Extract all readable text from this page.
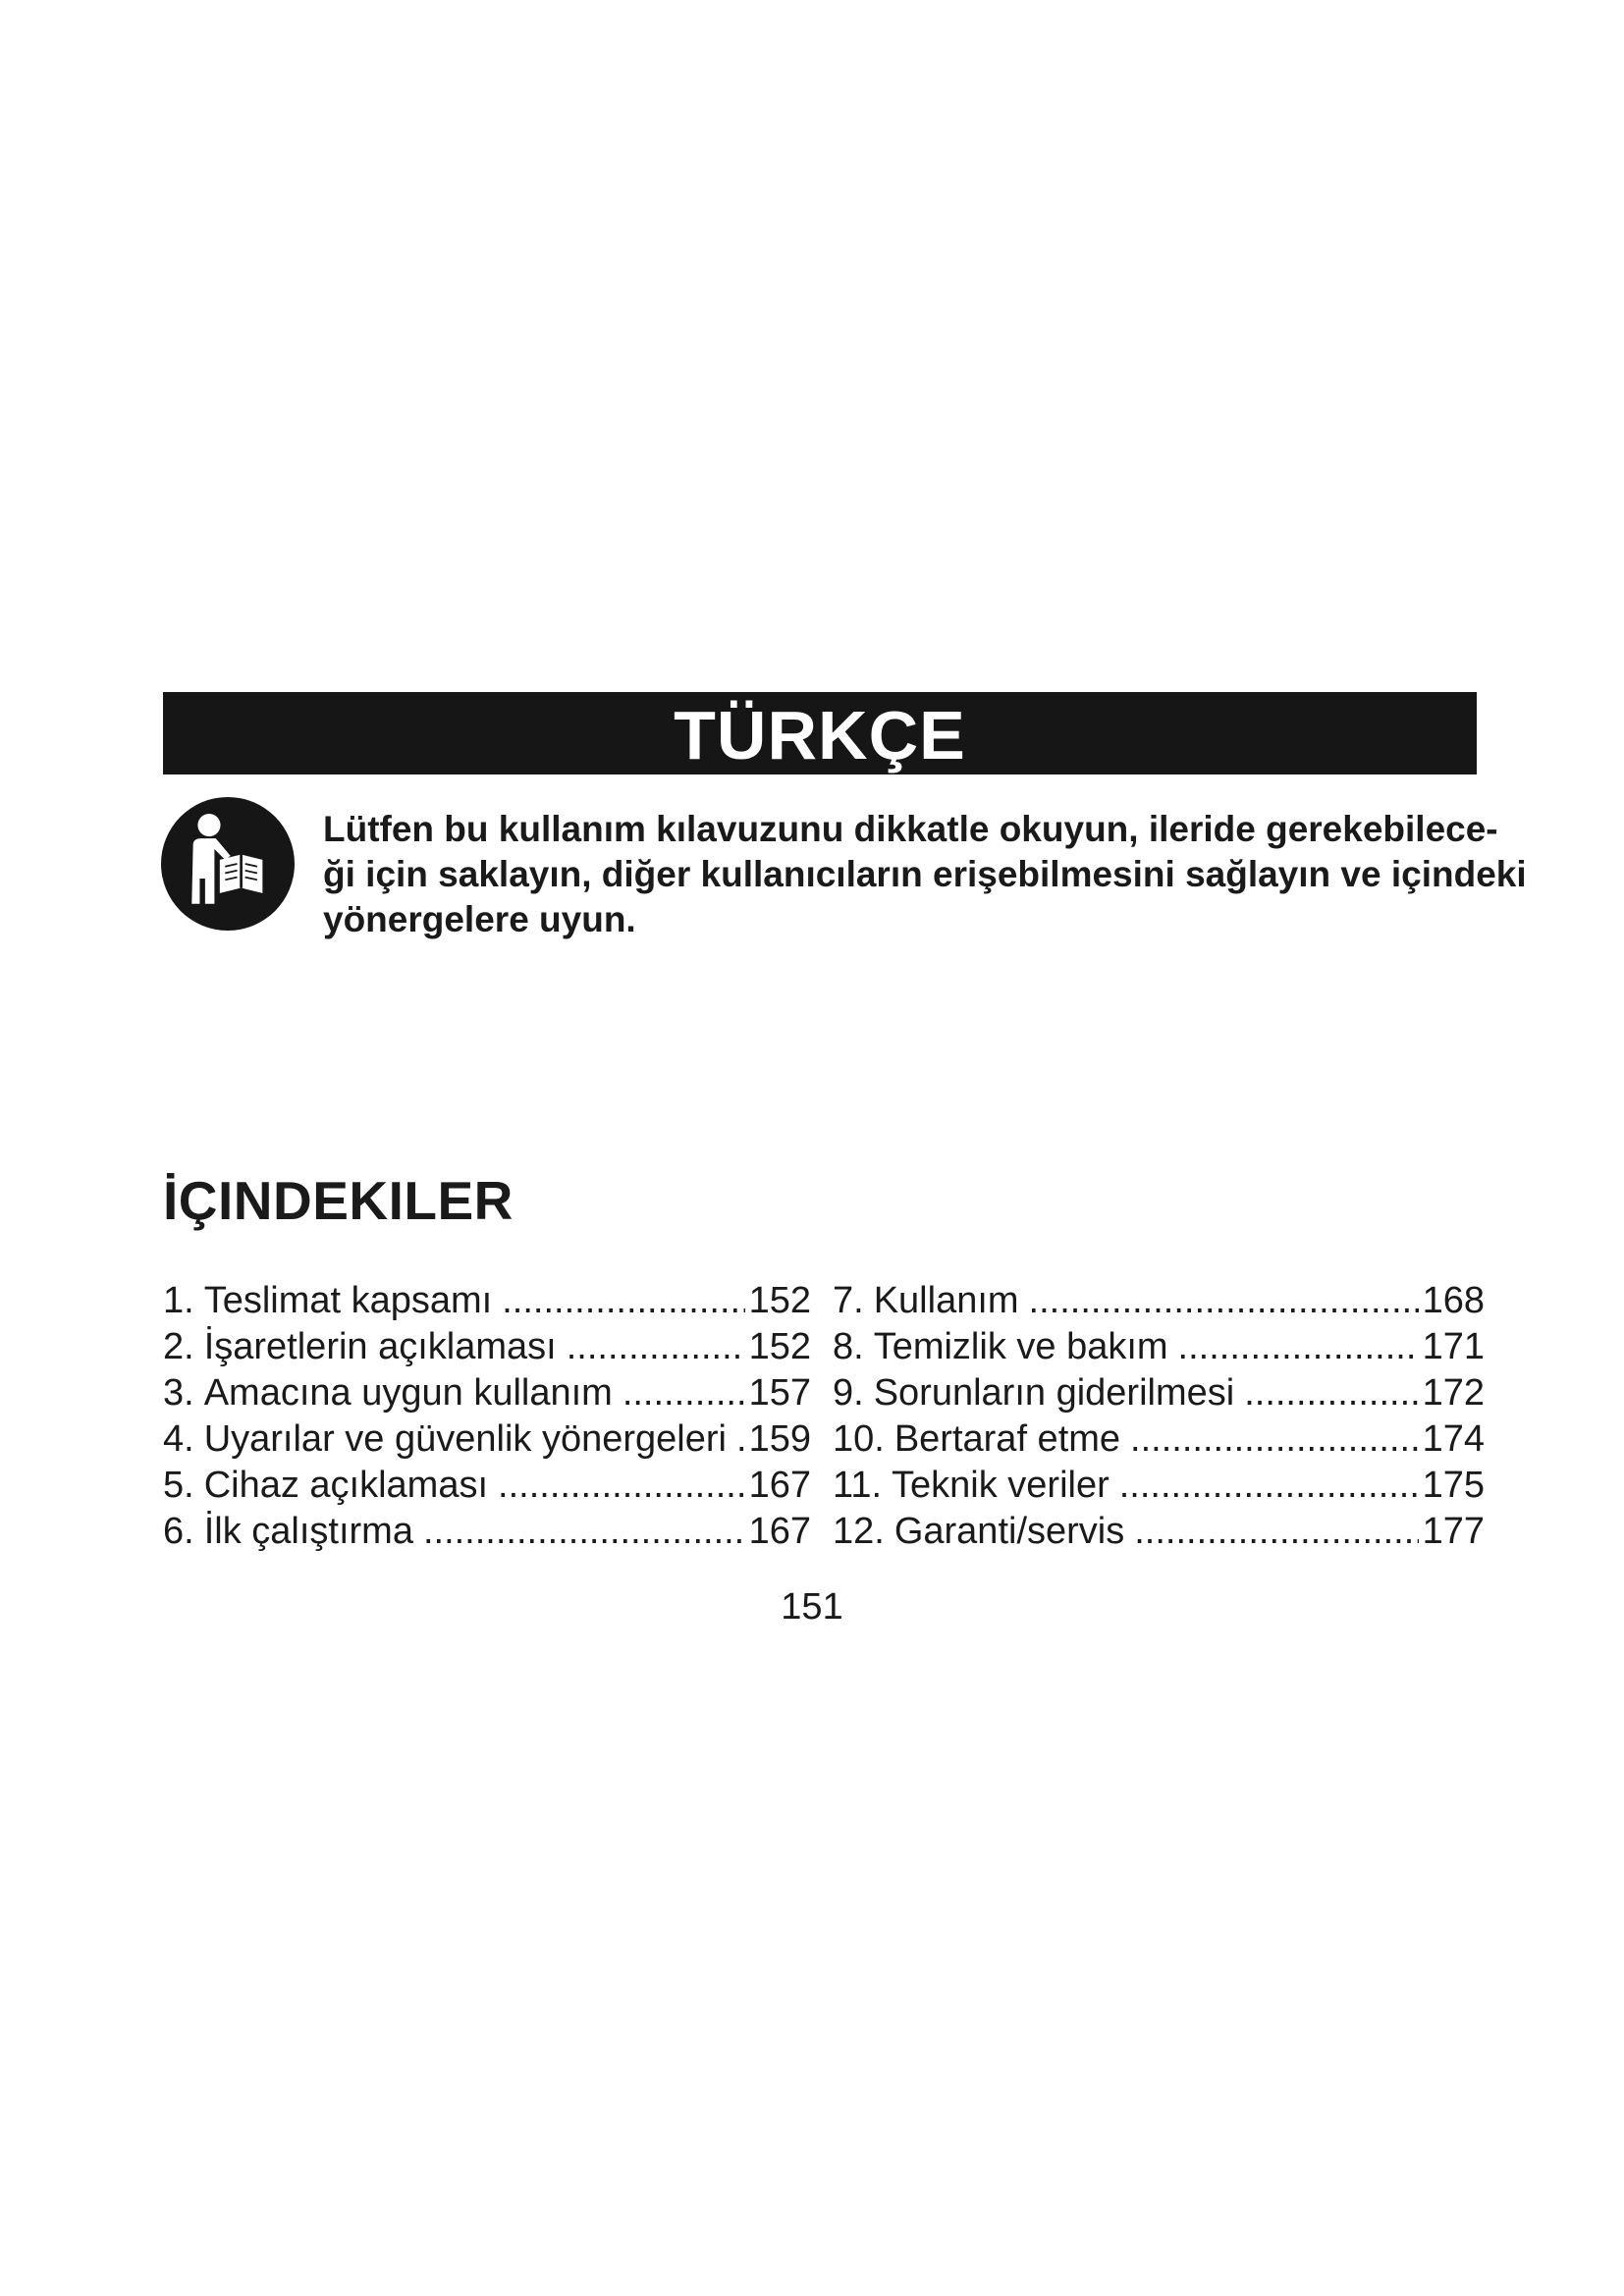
TÜRKÇE
Lütfen bu kullanım kılavuzunu dikkatle okuyun, ileride gerekebilece-
ği için saklayın, diğer kullanıcıların erişebilmesini sağlayın ve içindeki
yönergelere uyun.
İÇINDEKILER
1. Teslimat kapsamı .....	152
2. İşaretlerin açıklaması .....	152
3. Amacına uygun kullanım .....	157
4. Uyarılar ve güvenlik yönergeleri ..... 159
5. Cihaz açıklaması .....	167
6. İlk çalıştırma .....	167
7. Kullanım .....	168
8. Temizlik ve bakım .....	171
9. Sorunların giderilmesi .....	172
10. Bertaraf etme .....	174
11. Teknik veriler .....	175
12. Garanti/servis .....	177
151
